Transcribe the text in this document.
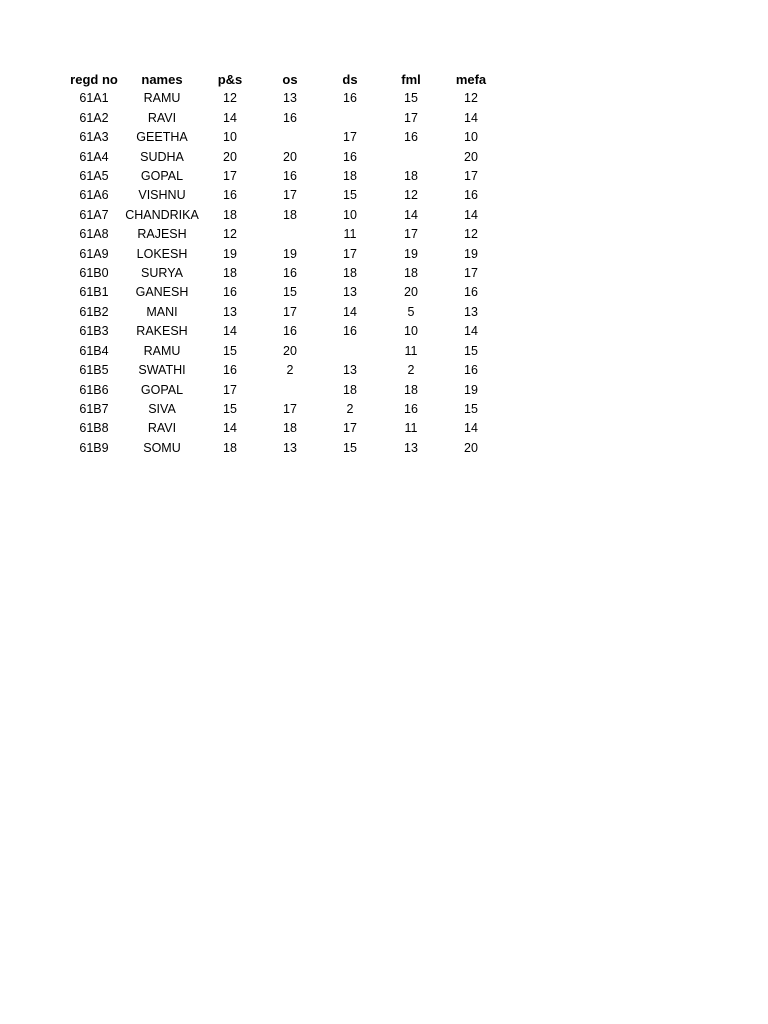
regd no	names	p&s	os	ds	fml	mefa
61A1	RAMU	12	13	16	15	12
61A2	RAVI	14	16		17	14
61A3	GEETHA	10		17	16	10
61A4	SUDHA	20	20	16		20
61A5	GOPAL	17	16	18	18	17
61A6	VISHNU	16	17	15	12	16
61A7	CHANDRIKA	18	18	10	14	14
61A8	RAJESH	12		11	17	12
61A9	LOKESH	19	19	17	19	19
61B0	SURYA	18	16	18	18	17
61B1	GANESH	16	15	13	20	16
61B2	MANI	13	17	14	5	13
61B3	RAKESH	14	16	16	10	14
61B4	RAMU	15	20		11	15
61B5	SWATHI	16	2	13	2	16
61B6	GOPAL	17		18	18	19
61B7	SIVA	15	17	2	16	15
61B8	RAVI	14	18	17	11	14
61B9	SOMU	18	13	15	13	20
